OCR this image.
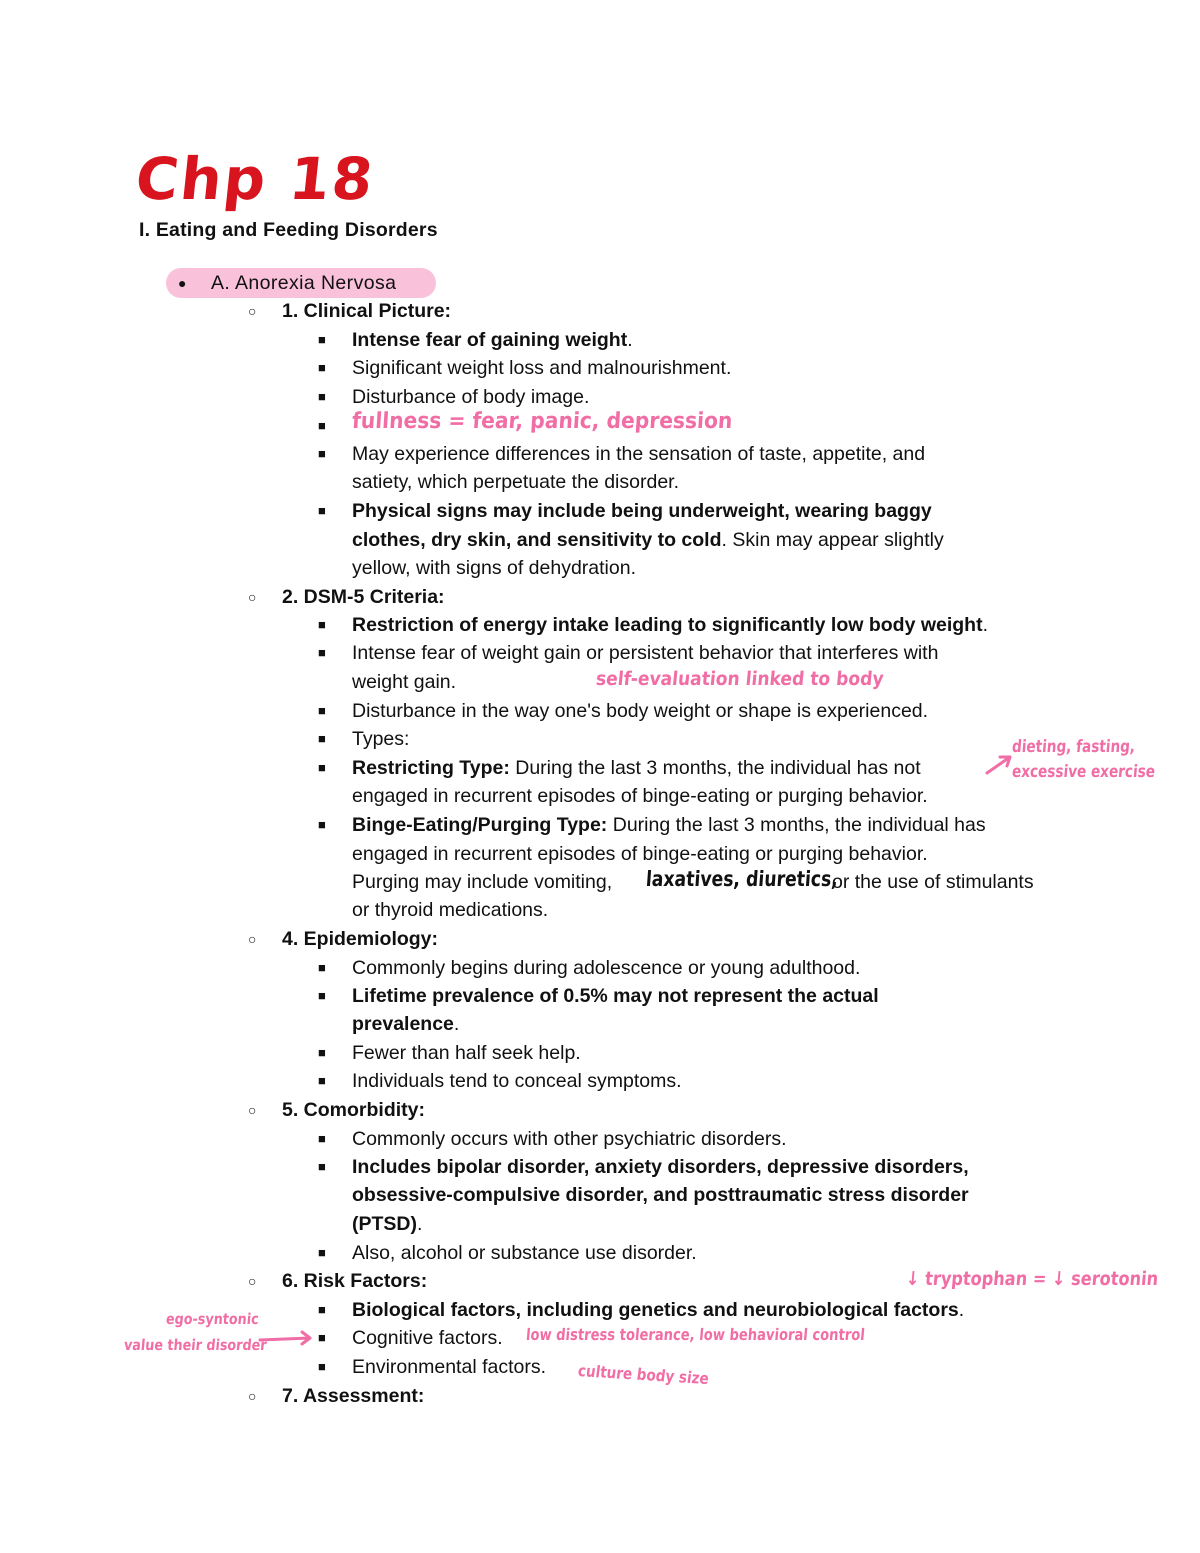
Chp 18
I. Eating and Feeding Disorders
● A. Anorexia Nervosa
○ 1. Clinical Picture:
■ Intense fear of gaining weight.
■ Significant weight loss and malnourishment.
■ Disturbance of body image.
■ fullness = fear, panic, depression
■ May experience differences in the sensation of taste, appetite, and
satiety, which perpetuate the disorder.
■ Physical signs may include being underweight, wearing baggy
clothes, dry skin, and sensitivity to cold. Skin may appear slightly
yellow, with signs of dehydration.
○ 2. DSM-5 Criteria:
■ Restriction of energy intake leading to significantly low body weight.
■ Intense fear of weight gain or persistent behavior that interferes with
weight gain.	self-evaluation linked to body
■ Disturbance in the way one's body weight or shape is experienced.
■ Types:
■ Restricting Type: During the last 3 months, the individual has not
engaged in recurrent episodes of binge-eating or purging behavior.
dieting, fasting,
excessive exercise
■ Binge-Eating/Purging Type: During the last 3 months, the individual has
engaged in recurrent episodes of binge-eating or purging behavior.
Purging may include vomiting, laxatives, diuretics,
or the use of stimulants
or thyroid medications.
○ 4. Epidemiology:
■ Commonly begins during adolescence or young adulthood.
■ Lifetime prevalence of 0.5% may not represent the actual
prevalence.
■ Fewer than half seek help.
■ Individuals tend to conceal symptoms.
○ 5. Comorbidity:
■ Commonly occurs with other psychiatric disorders.
■ Includes bipolar disorder, anxiety disorders, depressive disorders,
obsessive-compulsive disorder, and posttraumatic stress disorder
(PTSD).
■ Also, alcohol or substance use disorder.
○ 6. Risk Factors:	↓ tryptophan = ↓ serotonin
■ Biological factors, including genetics and neurobiological factors.
ego-syntonic
value their disorder	■ Cognitive factors. low distress tolerance, low behavioral control
■ Environmental factors. culture body size
○ 7. Assessment:
